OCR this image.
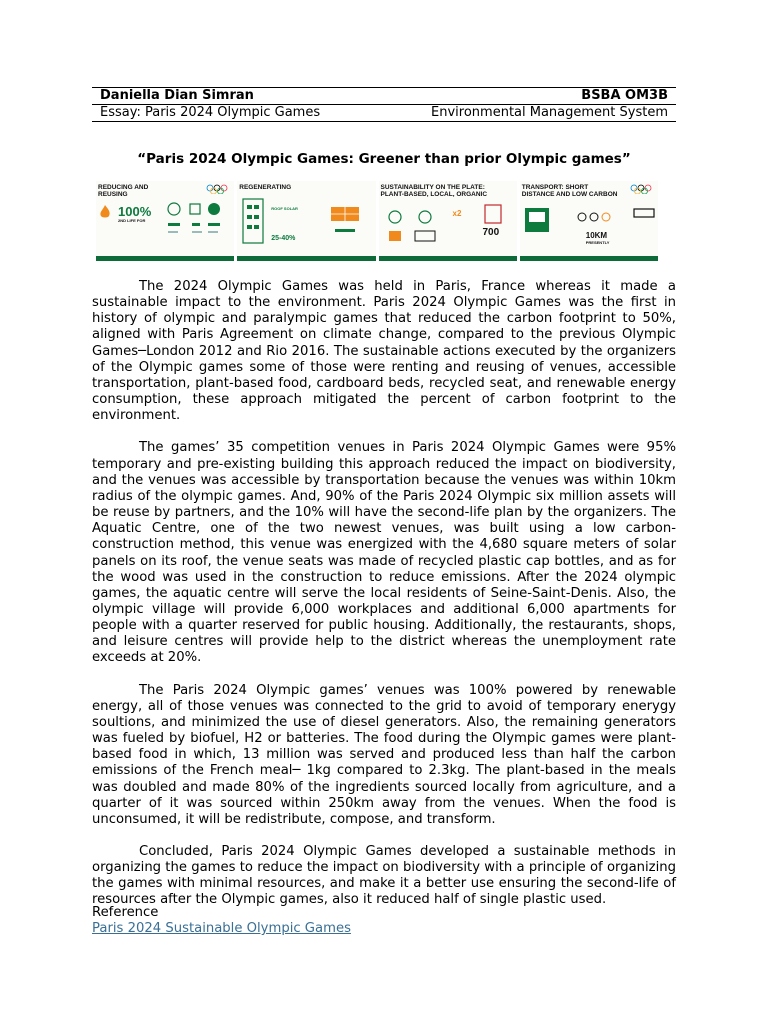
Daniella Dian Simran	BSBA OM3B
Essay: Paris 2024 Olympic Games	Environmental Management System
“Paris 2024 Olympic Games: Greener than prior Olympic games”
REDUCING AND REUSING
100%
2ND LIFE FOR
REGENERATING
25-40%
ROOF SOLAR
SUSTAINABILITY ON THE PLATE: PLANT-BASED, LOCAL, ORGANIC
x2
700
TRANSPORT: SHORT DISTANCE AND LOW CARBON
10KM
PRESENTLY

The 2024 Olympic Games was held in Paris, France whereas it made a sustainable impact to the environment. Paris 2024 Olympic Games was the first in history of olympic and paralympic games that reduced the carbon footprint to 50%, aligned with Paris Agreement on climate change, compared to the previous Olympic Games─London 2012 and Rio 2016. The sustainable actions executed by the organizers of the Olympic games some of those were renting and reusing of venues, accessible transportation, plant-based food, cardboard beds, recycled seat, and renewable energy consumption, these approach mitigated the percent of carbon footprint to the environment.

The games’ 35 competition venues in Paris 2024 Olympic Games were 95% temporary and pre-existing building this approach reduced the impact on biodiversity, and the venues was accessible by transportation because the venues was within 10km radius of the olympic games. And, 90% of the Paris 2024 Olympic six million assets will be reuse by partners, and the 10% will have the second-life plan by the organizers. The Aquatic Centre, one of the two newest venues, was built using a low carbon-construction method, this venue was energized with the 4,680 square meters of solar panels on its roof, the venue seats was made of recycled plastic cap bottles, and as for the wood was used in the construction to reduce emissions. After the 2024 olympic games, the aquatic centre will serve the local residents of Seine-Saint-Denis. Also, the olympic village will provide 6,000 workplaces and additional 6,000 apartments for people with a quarter reserved for public housing. Additionally, the restaurants, shops, and leisure centres will provide help to the district whereas the unemployment rate exceeds at 20%.

The Paris 2024 Olympic games’ venues was 100% powered by renewable energy, all of those venues was connected to the grid to avoid of temporary enerygy soultions, and minimized the use of diesel generators. Also, the remaining generators was fueled by biofuel, H2 or batteries. The food during the Olympic games were plant-based food in which, 13 million was served and produced less than half the carbon emissions of the French meal─ 1kg compared to 2.3kg. The plant-based in the meals was doubled and made 80% of the ingredients sourced locally from agriculture, and a quarter of it was sourced within 250km away from the venues. When the food is unconsumed, it will be redistribute, compose, and transform.

Concluded, Paris 2024 Olympic Games developed a sustainable methods in organizing the games to reduce the impact on biodiversity with a principle of organizing the games with minimal resources, and make it a better use ensuring the second-life of resources after the Olympic games, also it reduced half of single plastic used.

Reference
Paris 2024 Sustainable Olympic Games
